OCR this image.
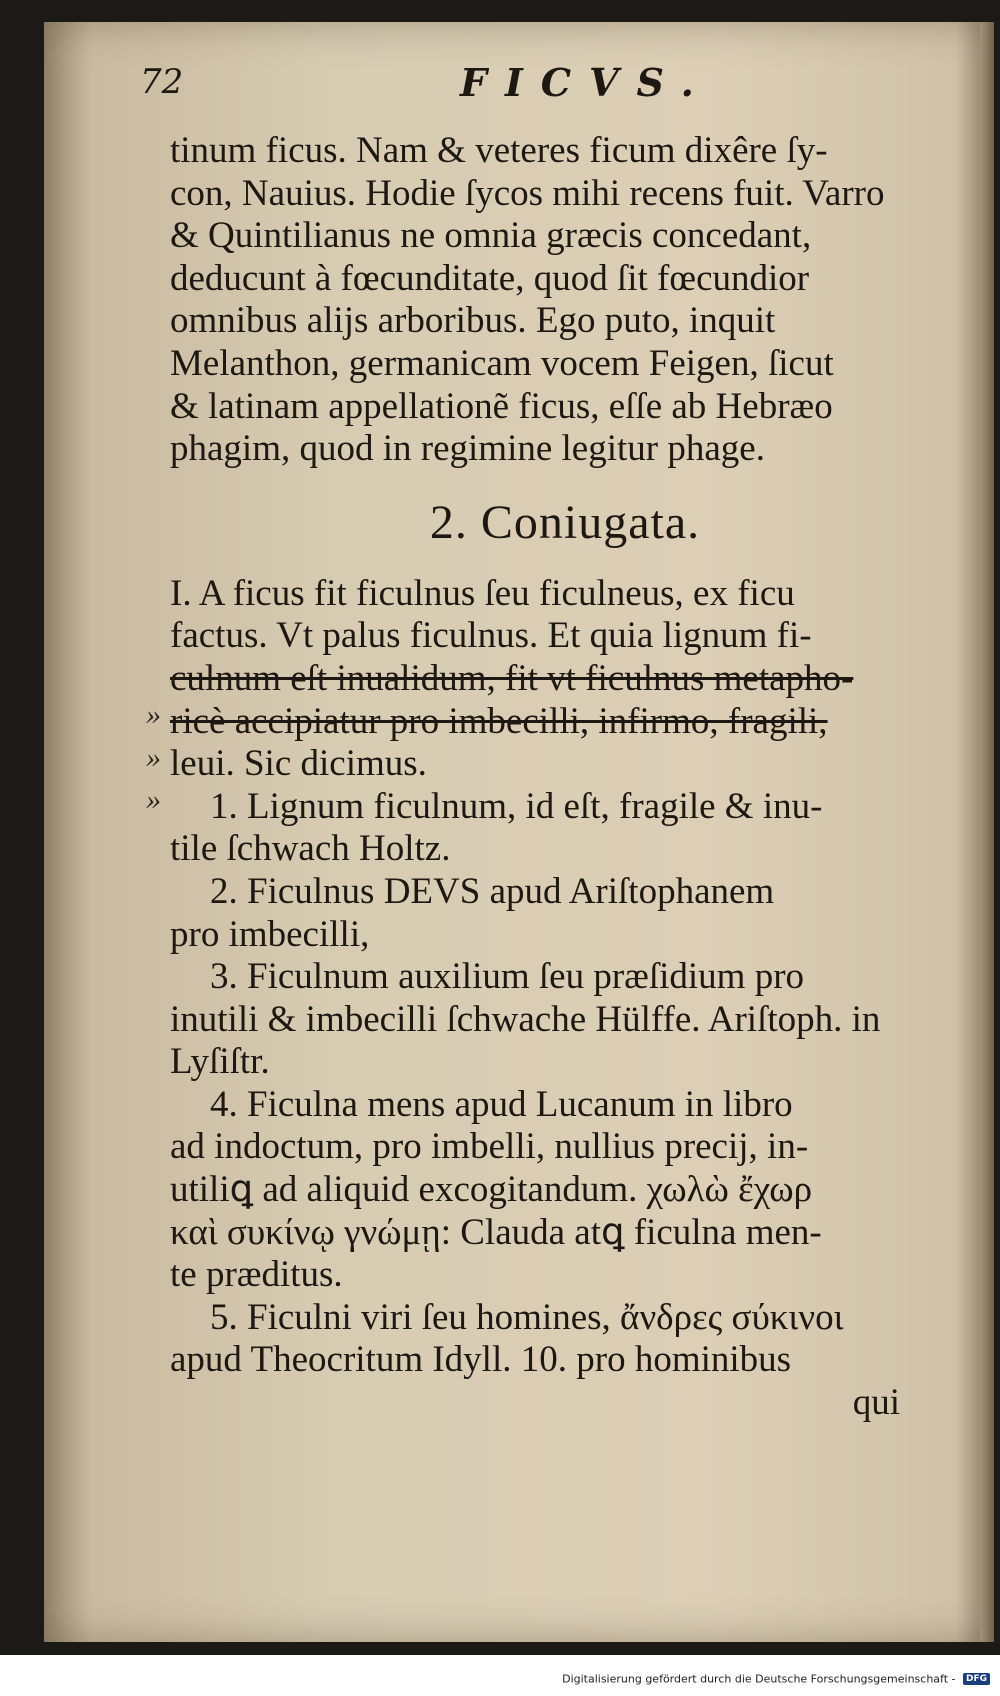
72	FICVS.
»
»
»
tinum ficus. Nam & veteres ficum dixêre ſy-
con, Nauius. Hodie ſycos mihi recens fuit. Varro
& Quintilianus ne omnia græcis concedant,
deducunt à fœcunditate, quod ſit fœcundior
omnibus alijs arboribus. Ego puto, inquit
Melanthon, germanicam vocem Feigen, ſicut
& latinam appellationẽ ficus, eſſe ab Hebræo
phagim, quod in regimine legitur phage.
2. Coniugata.
I. A ficus fit ficulnus ſeu ficulneus, ex ficu
factus. Vt palus ficulnus. Et quia lignum fi-
culnum eſt inualidum, fit vt ficulnus metapho-
ricè accipiatur pro imbecilli, infirmo, fragili,
leui. Sic dicimus.
1. Lignum ficulnum, id eſt, fragile & inu-
tile ſchwach Holtz.
2. Ficulnus DEVS apud Ariſtophanem
pro imbecilli,
3. Ficulnum auxilium ſeu præſidium pro
inutili & imbecilli ſchwache Hülffe. Ariſtoph. in
Lyſiſtr.
4. Ficulna mens apud Lucanum in libro
ad indoctum, pro imbelli, nullius precij, in-
utiliꝗ ad aliquid excogitandum. χωλὼ ἔχωρ
καὶ συκίνῳ γνώμῃ: Clauda atꝗ ficulna men-
te præditus.
5. Ficulni viri ſeu homines, ἄνδρες σύκινοι
apud Theocritum Idyll. 10. pro hominibus
qui
Digitalisierung gefördert durch die Deutsche Forschungsgemeinschaft - DFG
